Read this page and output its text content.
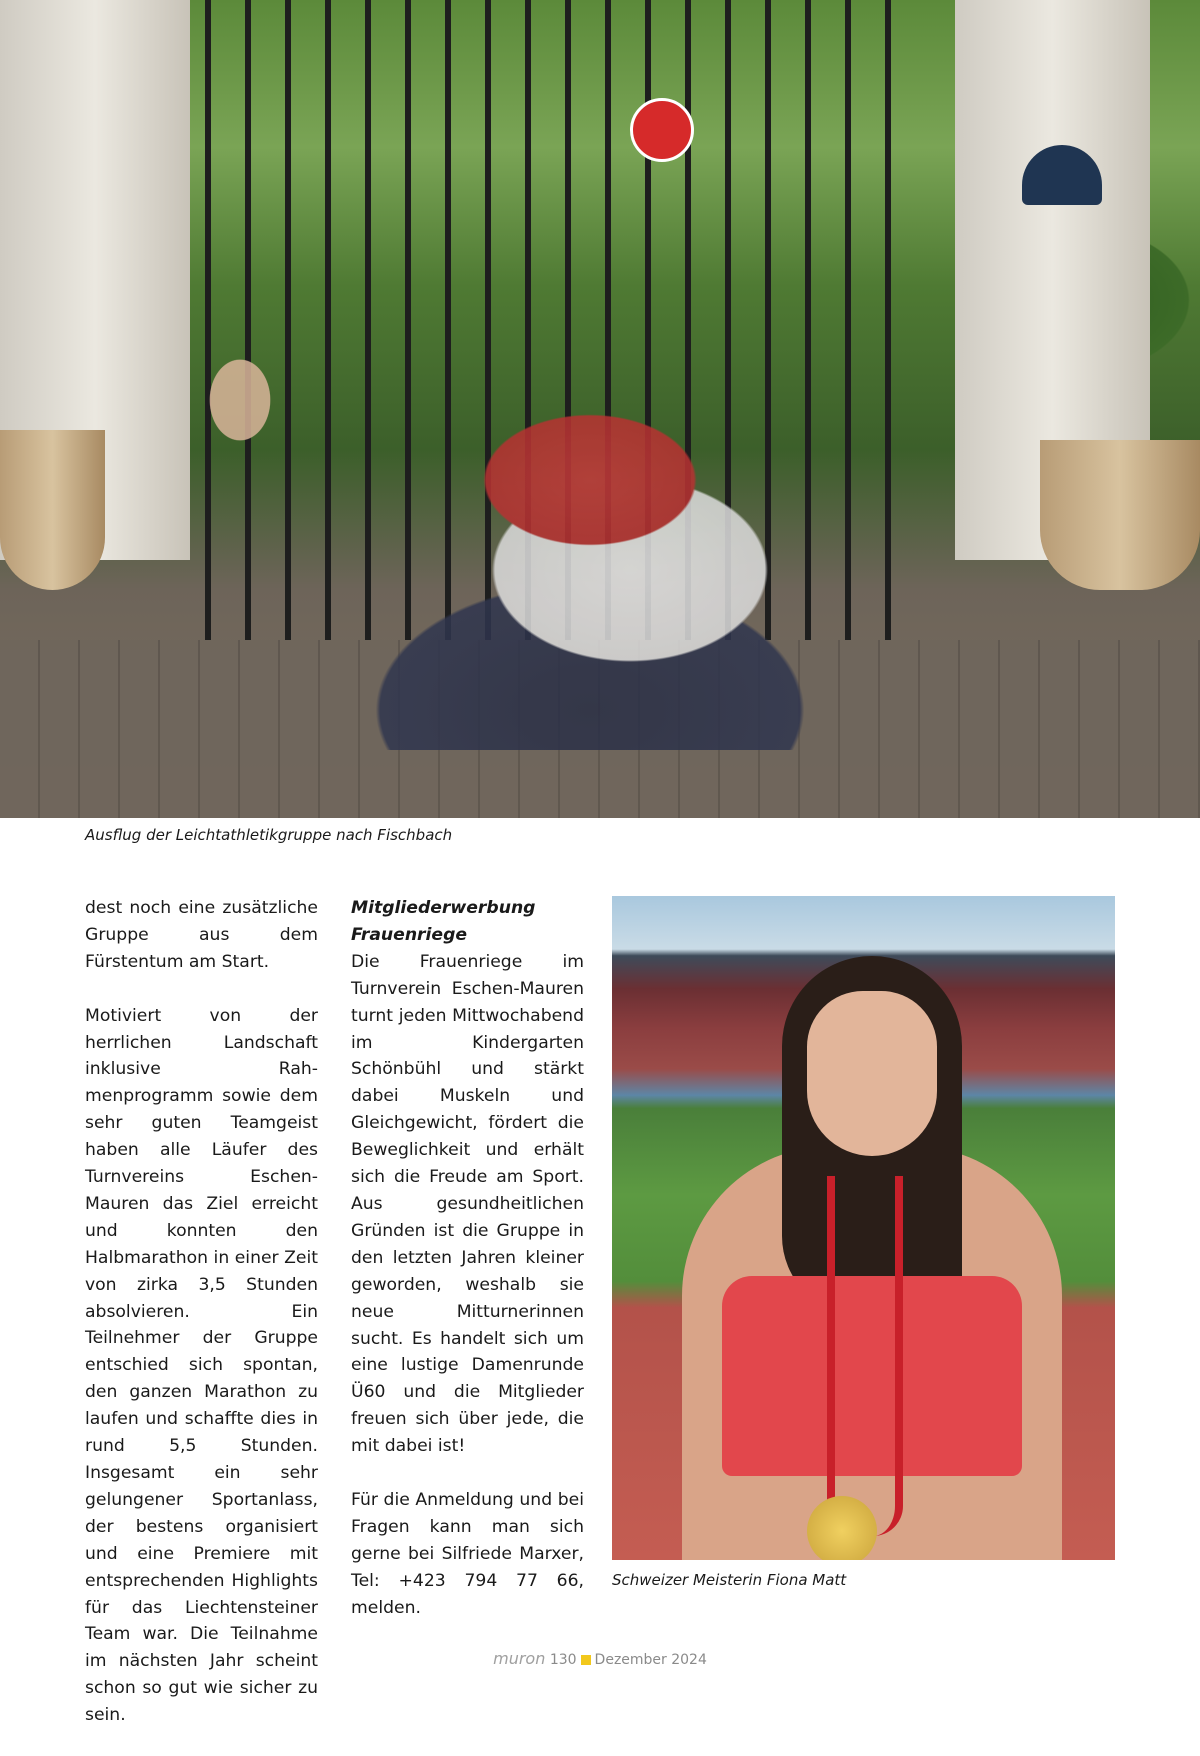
Ausflug der Leichtathletikgruppe nach Fischbach

dest noch eine zusätzliche Gruppe aus dem Fürstentum am Start.

Motiviert von der herrlichen Landschaft inklusive Rahmenprogramm sowie dem sehr guten Teamgeist haben alle Läufer des Turnvereins Eschen-Mauren das Ziel erreicht und konnten den Halbmarathon in einer Zeit von zirka 3,5 Stunden absolvieren. Ein Teilnehmer der Gruppe entschied sich spontan, den ganzen Marathon zu laufen und schaffte dies in rund 5,5 Stunden. Insgesamt ein sehr gelungener Sportanlass, der bestens organisiert und eine Premiere mit entsprechenden Highlights für das Liechtensteiner Team war. Die Teilnahme im nächsten Jahr scheint schon so gut wie sicher zu sein.

Mitgliederwerbung
Frauenriege

Die Frauenriege im Turnverein Eschen-Mauren turnt jeden Mittwochabend im Kindergarten Schönbühl und stärkt dabei Muskeln und Gleichgewicht, fördert die Beweglichkeit und erhält sich die Freude am Sport. Aus gesundheitlichen Gründen ist die Gruppe in den letzten Jahren kleiner geworden, weshalb sie neue Mitturnerinnen sucht. Es handelt sich um eine lustige Damenrunde Ü60 und die Mitglieder freuen sich über jede, die mit dabei ist!

Für die Anmeldung und bei Fragen kann man sich gerne bei Silfriede Marxer, Tel: +423 794 77 66, melden.

Schweizer Meisterin Fiona Matt
muron 130 Dezember 2024
